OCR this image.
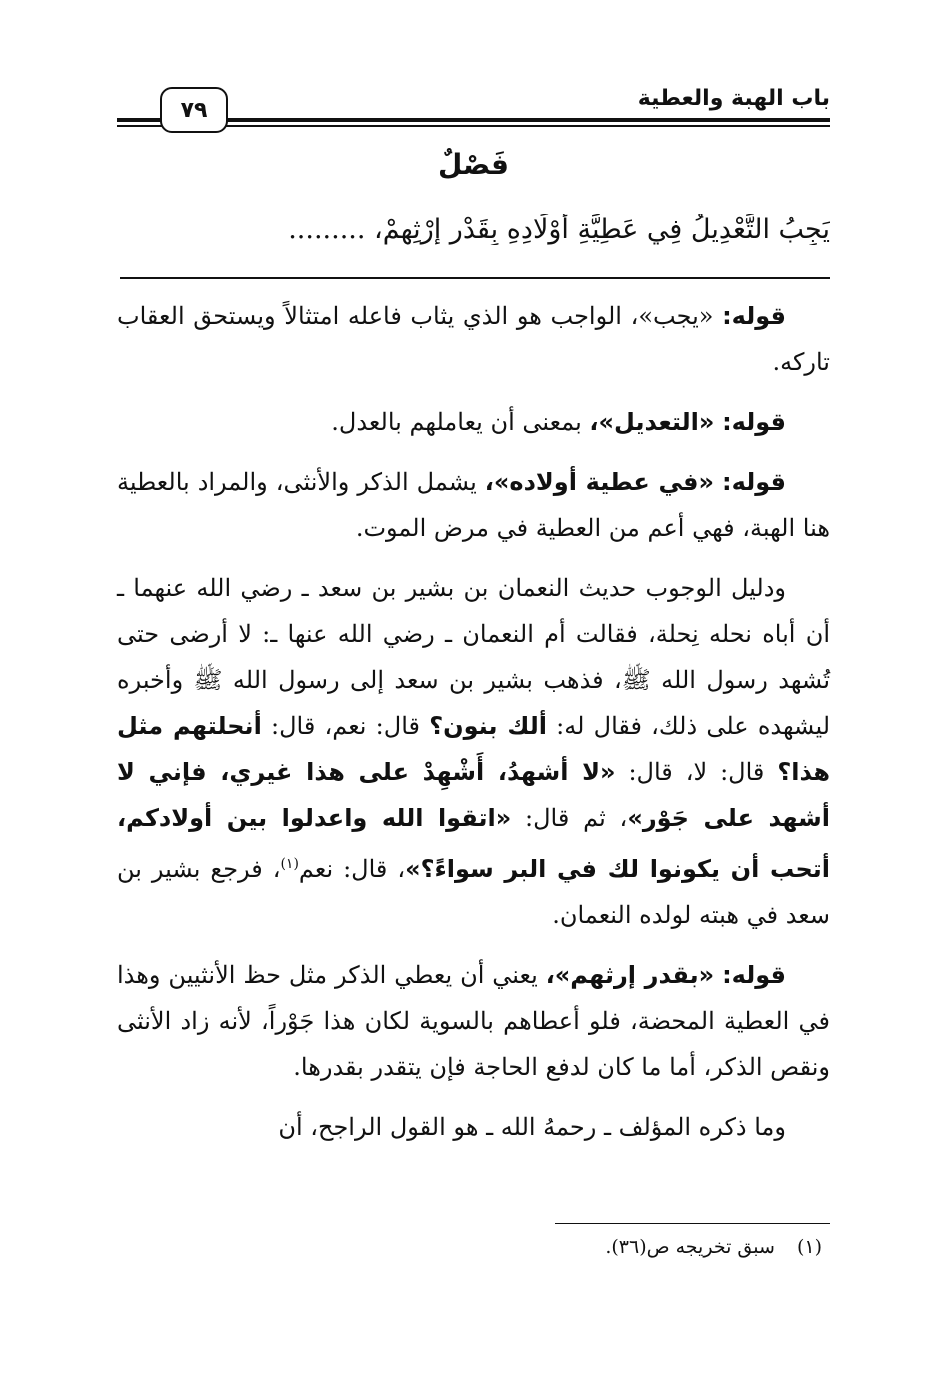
باب الهبة والعطية
٧٩
فَصْلٌ
يَجِبُ التَّعْدِيلُ فِي عَطِيَّةِ أَوْلَادِهِ بِقَدْرِ إِرْثِهِمْ، .........

قوله: «يجب»، الواجب هو الذي يثاب فاعله امتثالاً ويستحق العقاب تاركه.

قوله: «التعديل»، بمعنى أن يعاملهم بالعدل.

قوله: «في عطية أولاده»، يشمل الذكر والأنثى، والمراد بالعطية هنا الهبة، فهي أعم من العطية في مرض الموت.

ودليل الوجوب حديث النعمان بن بشير بن سعد ـ رضي الله عنهما ـ أن أباه نحله نِحلة، فقالت أم النعمان ـ رضي الله عنها ـ: لا أرضى حتى تُشهد رسول الله ﷺ، فذهب بشير بن سعد إلى رسول الله ﷺ وأخبره ليشهده على ذلك، فقال له: ألك بنون؟ قال: نعم، قال: أنحلتهم مثل هذا؟ قال: لا، قال: «لا أشهدُ، أَشْهِدْ على هذا غيري، فإني لا أشهد على جَوْر»، ثم قال: «اتقوا الله واعدلوا بين أولادكم، أتحب أن يكونوا لك في البر سواءً؟»، قال: نعم$^{(١)}$، فرجع بشير بن سعد في هبته لولده النعمان.

قوله: «بقدر إرثهم»، يعني أن يعطي الذكر مثل حظ الأنثيين وهذا في العطية المحضة، فلو أعطاهم بالسوية لكان هذا جَوْراً، لأنه زاد الأنثى ونقص الذكر، أما ما كان لدفع الحاجة فإن يتقدر بقدرها.

وما ذكره المؤلف ـ رحمهُ الله ـ هو القول الراجح، أن

(١)سبق تخريجه ص(٣٦).
